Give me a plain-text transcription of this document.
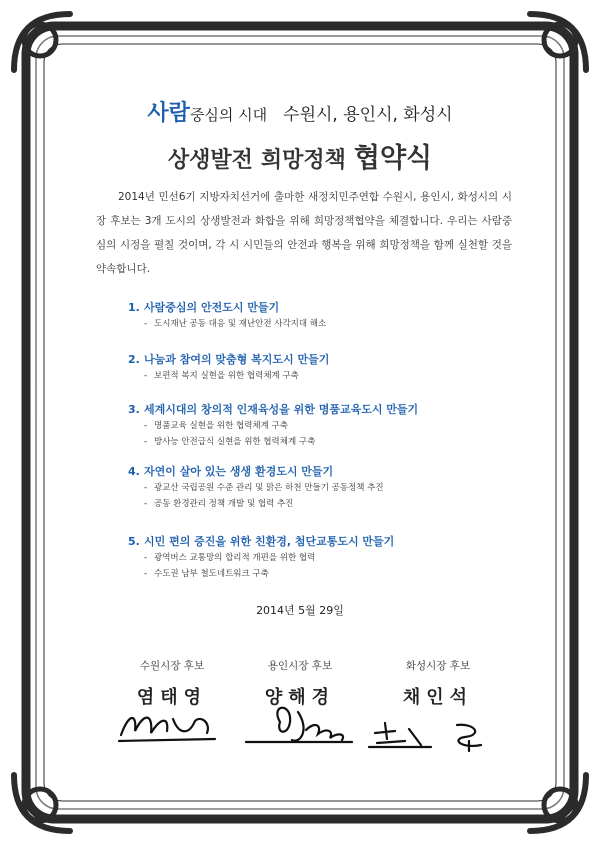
사람중심의 시대 수원시, 용인시, 화성시
상생발전 희망정책 협약식
2014년 민선6기 지방자치선거에 출마한 새정치민주연합 수원시, 용인시, 화성시의 시장 후보는 3개 도시의 상생발전과 화합을 위해 희망정책협약을 체결합니다. 우리는 사람중심의 시정을 펼칠 것이며, 각 시 시민들의 안전과 행복을 위해 희망정책을 함께 실천할 것을 약속합니다.
1. 사람중심의 안전도시 만들기
- 도시재난 공동 대응 및 재난안전 사각지대 해소
2. 나눔과 참여의 맞춤형 복지도시 만들기
- 보편적 복지 실현을 위한 협력체계 구축
3. 세계시대의 창의적 인재육성을 위한 명품교육도시 만들기
- 명품교육 실현을 위한 협력체계 구축
- 방사능 안전급식 실현을 위한 협력체계 구축
4. 자연이 살아 있는 생생 환경도시 만들기
- 광교산 국립공원 수준 관리 및 맑은 하천 만들기 공동정책 추진
- 공동 환경관리 정책 개발 및 협력 추진
5. 시민 편의 증진을 위한 친환경, 첨단교통도시 만들기
- 광역버스 교통망의 합리적 개편을 위한 협력
- 수도권 남부 철도네트워크 구축
2014년 5월 29일
수원시장 후보
염태영
용인시장 후보
양해경
화성시장 후보
채인석
